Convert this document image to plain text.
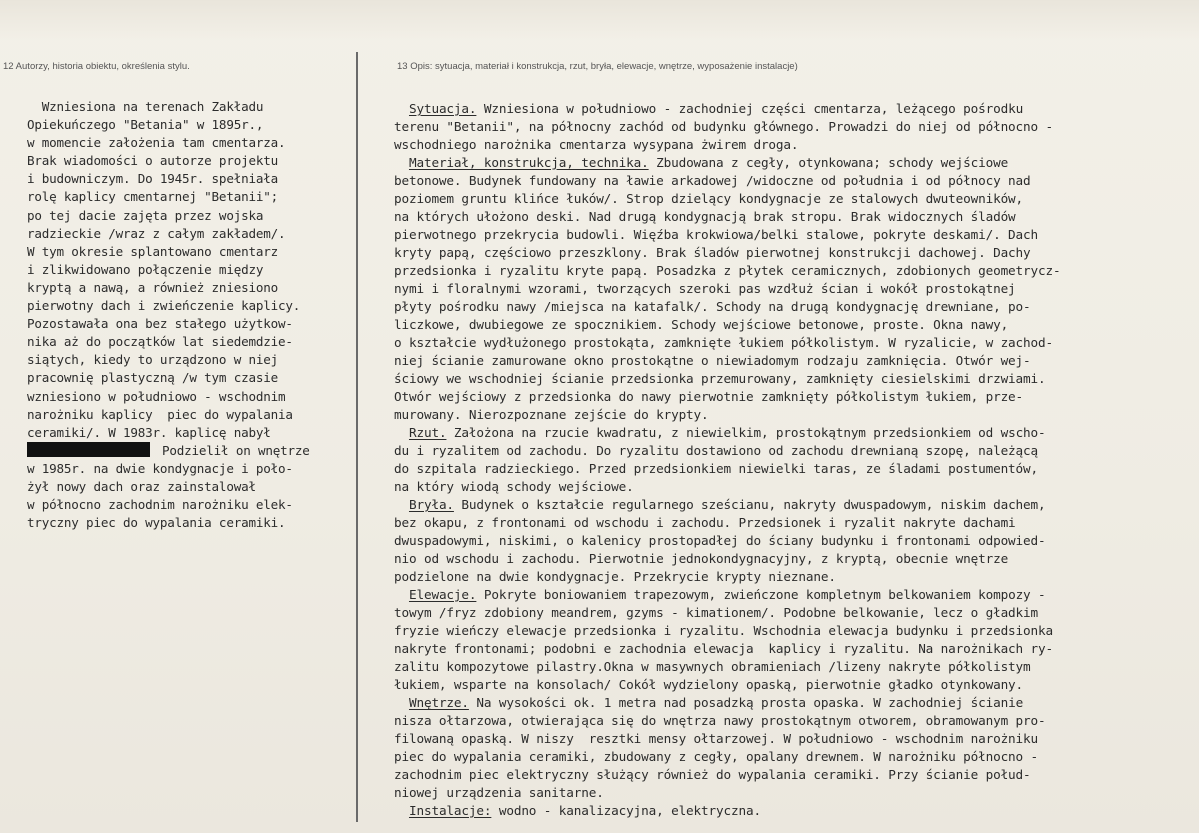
12 Autorzy, historia obiektu, określenia stylu.	13 Opis: sytuacja, materiał i konstrukcja, rzut, bryła, elewacje, wnętrze, wyposażenie instalacje)
Wzniesiona na terenach Zakładu
Opiekuńczego "Betania" w 1895r.,
w momencie założenia tam cmentarza.
Brak wiadomości o autorze projektu
i budowniczym. Do 1945r. spełniała
rolę kaplicy cmentarnej "Betanii";
po tej dacie zajęta przez wojska
radzieckie /wraz z całym zakładem/.
W tym okresie splantowano cmentarz
i zlikwidowano połączenie między
kryptą a nawą, a również zniesiono
pierwotny dach i zwieńczenie kaplicy.
Pozostawała ona bez stałego użytkow-
nika aż do początków lat siedemdzie-
siątych, kiedy to urządzono w niej
pracownię plastyczną /w tym czasie
wzniesiono w południowo - wschodnim
narożniku kaplicy  piec do wypalania
ceramiki/. W 1983r. kaplicę nabył
Podzielił on wnętrze
w 1985r. na dwie kondygnacje i poło-
żył nowy dach oraz zainstalował
w północno zachodnim narożniku elek-
tryczny piec do wypalania ceramiki.
Sytuacja. Wzniesiona w południowo - zachodniej części cmentarza, leżącego pośrodku
terenu "Betanii", na północny zachód od budynku głównego. Prowadzi do niej od północno -
wschodniego narożnika cmentarza wysypana żwirem droga.
Materiał, konstrukcja, technika. Zbudowana z cegły, otynkowana; schody wejściowe
betonowe. Budynek fundowany na ławie arkadowej /widoczne od południa i od północy nad
poziomem gruntu klińce łuków/. Strop dzielący kondygnacje ze stalowych dwuteowników,
na których ułożono deski. Nad drugą kondygnacją brak stropu. Brak widocznych śladów
pierwotnego przekrycia budowli. Więźba krokwiowa/belki stalowe, pokryte deskami/. Dach
kryty papą, częściowo przeszklony. Brak śladów pierwotnej konstrukcji dachowej. Dachy
przedsionka i ryzalitu kryte papą. Posadzka z płytek ceramicznych, zdobionych geometrycz-
nymi i floralnymi wzorami, tworzących szeroki pas wzdłuż ścian i wokół prostokątnej
płyty pośrodku nawy /miejsca na katafalk/. Schody na drugą kondygnację drewniane, po-
liczkowe, dwubiegowe ze spocznikiem. Schody wejściowe betonowe, proste. Okna nawy,
o kształcie wydłużonego prostokąta, zamknięte łukiem półkolistym. W ryzalicie, w zachod-
niej ścianie zamurowane okno prostokątne o niewiadomym rodzaju zamknięcia. Otwór wej-
ściowy we wschodniej ścianie przedsionka przemurowany, zamknięty ciesielskimi drzwiami.
Otwór wejściowy z przedsionka do nawy pierwotnie zamknięty półkolistym łukiem, prze-
murowany. Nierozpoznane zejście do krypty.
Rzut. Założona na rzucie kwadratu, z niewielkim, prostokątnym przedsionkiem od wscho-
du i ryzalitem od zachodu. Do ryzalitu dostawiono od zachodu drewnianą szopę, należącą
do szpitala radzieckiego. Przed przedsionkiem niewielki taras, ze śladami postumentów,
na który wiodą schody wejściowe.
Bryła. Budynek o kształcie regularnego sześcianu, nakryty dwuspadowym, niskim dachem,
bez okapu, z frontonami od wschodu i zachodu. Przedsionek i ryzalit nakryte dachami
dwuspadowymi, niskimi, o kalenicy prostopadłej do ściany budynku i frontonami odpowied-
nio od wschodu i zachodu. Pierwotnie jednokondygnacyjny, z kryptą, obecnie wnętrze
podzielone na dwie kondygnacje. Przekrycie krypty nieznane.
Elewacje. Pokryte boniowaniem trapezowym, zwieńczone kompletnym belkowaniem kompozy -
towym /fryz zdobiony meandrem, gzyms - kimationem/. Podobne belkowanie, lecz o gładkim
fryzie wieńczy elewacje przedsionka i ryzalitu. Wschodnia elewacja budynku i przedsionka
nakryte frontonami; podobni e zachodnia elewacja  kaplicy i ryzalitu. Na narożnikach ry-
zalitu kompozytowe pilastry.Okna w masywnych obramieniach /lizeny nakryte półkolistym
łukiem, wsparte na konsolach/ Cokół wydzielony opaską, pierwotnie gładko otynkowany.
Wnętrze. Na wysokości ok. 1 metra nad posadzką prosta opaska. W zachodniej ścianie
nisza ołtarzowa, otwierająca się do wnętrza nawy prostokątnym otworem, obramowanym pro-
filowaną opaską. W niszy  resztki mensy ołtarzowej. W południowo - wschodnim narożniku
piec do wypalania ceramiki, zbudowany z cegły, opalany drewnem. W narożniku północno -
zachodnim piec elektryczny służący również do wypalania ceramiki. Przy ścianie połud-
niowej urządzenia sanitarne.
Instalacje: wodno - kanalizacyjna, elektryczna.
